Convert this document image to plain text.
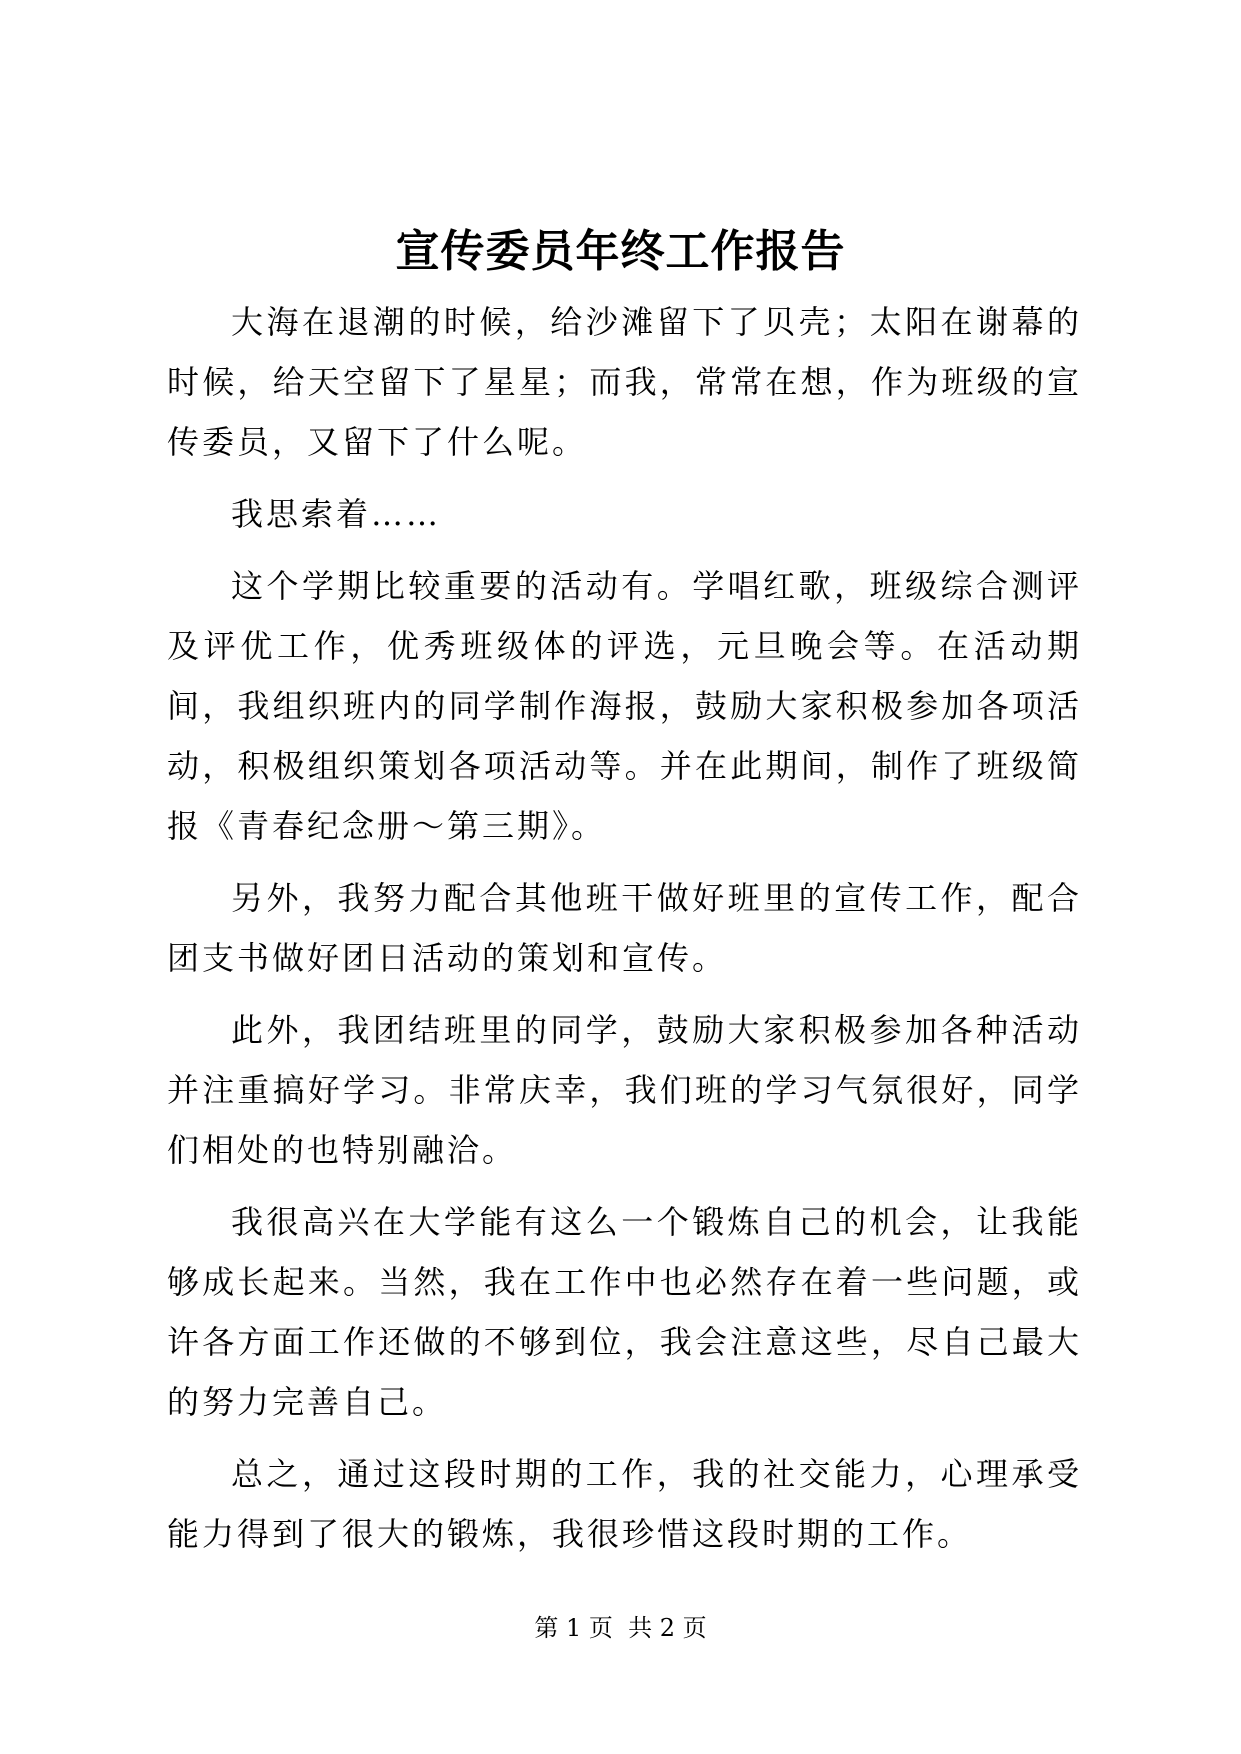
宣传委员年终工作报告

大海在退潮的时候，给沙滩留下了贝壳；太阳在谢幕的时候，给天空留下了星星；而我，常常在想，作为班级的宣传委员，又留下了什么呢。

我思索着……

这个学期比较重要的活动有。学唱红歌，班级综合测评及评优工作，优秀班级体的评选，元旦晚会等。在活动期间，我组织班内的同学制作海报，鼓励大家积极参加各项活动，积极组织策划各项活动等。并在此期间，制作了班级简报《青春纪念册～第三期》。

另外，我努力配合其他班干做好班里的宣传工作，配合团支书做好团日活动的策划和宣传。

此外，我团结班里的同学，鼓励大家积极参加各种活动并注重搞好学习。非常庆幸，我们班的学习气氛很好，同学们相处的也特别融洽。

我很高兴在大学能有这么一个锻炼自己的机会，让我能够成长起来。当然，我在工作中也必然存在着一些问题，或许各方面工作还做的不够到位，我会注意这些，尽自己最大的努力完善自己。

总之，通过这段时期的工作，我的社交能力，心理承受能力得到了很大的锻炼，我很珍惜这段时期的工作。

第 1 页  共 2 页
